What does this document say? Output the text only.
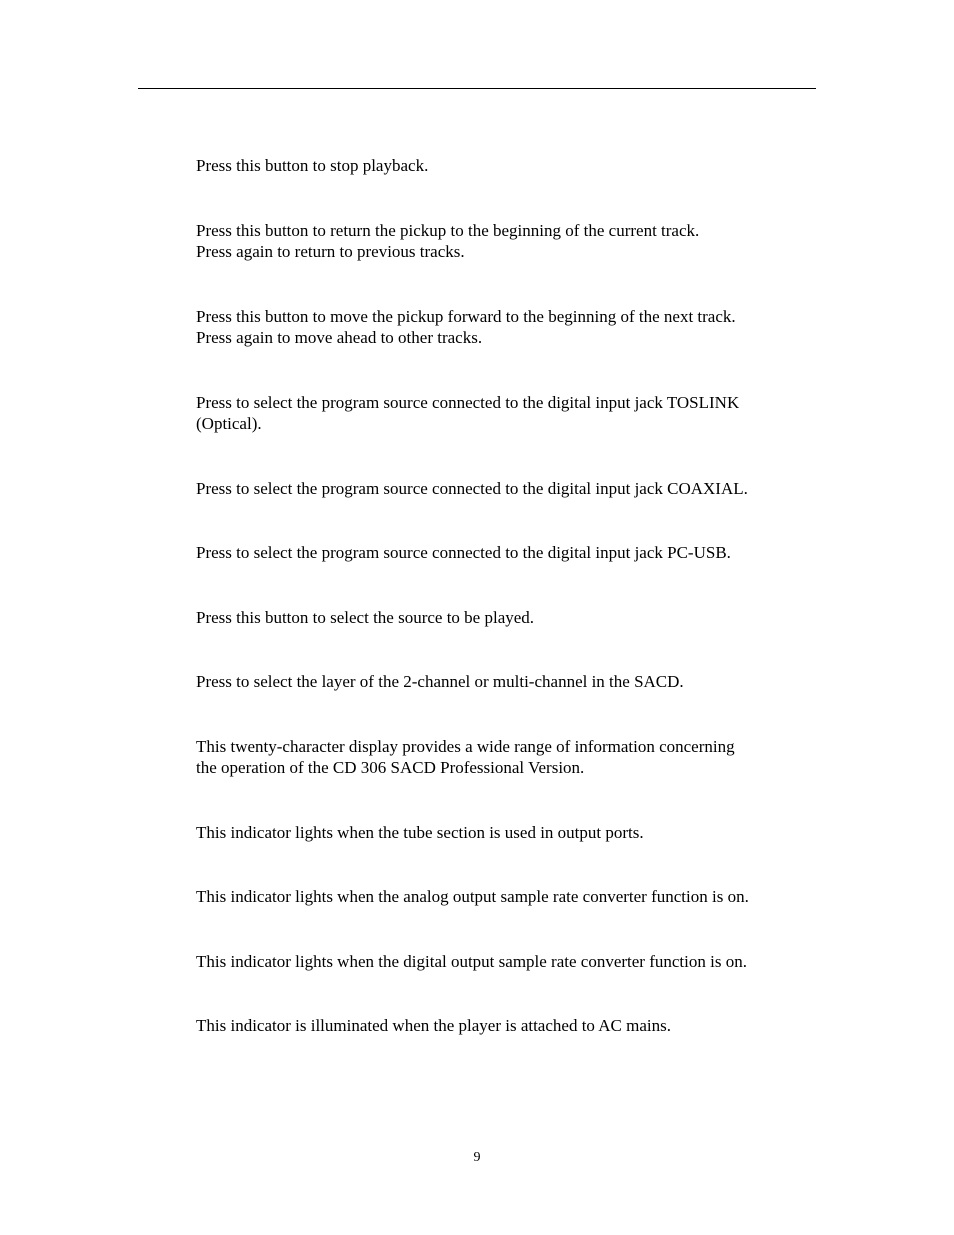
Press this button to stop playback.
Press this button to return the pickup to the beginning of the current track.
Press again to return to previous tracks.
Press this button to move the pickup forward to the beginning of the next track.
Press again to move ahead to other tracks.
Press to select the program source connected to the digital input jack TOSLINK
(Optical).
Press to select the program source connected to the digital input jack COAXIAL.
Press to select the program source connected to the digital input jack PC-USB.
Press this button to select the source to be played.
Press to select the layer of the 2-channel or multi-channel in the SACD.
This twenty-character display provides a wide range of information concerning
the operation of the CD 306 SACD Professional Version.
This indicator lights when the tube section is used in output ports.
This indicator lights when the analog output sample rate converter function is on.
This indicator lights when the digital output sample rate converter function is on.
This indicator is illuminated when the player is attached to AC mains.
9
